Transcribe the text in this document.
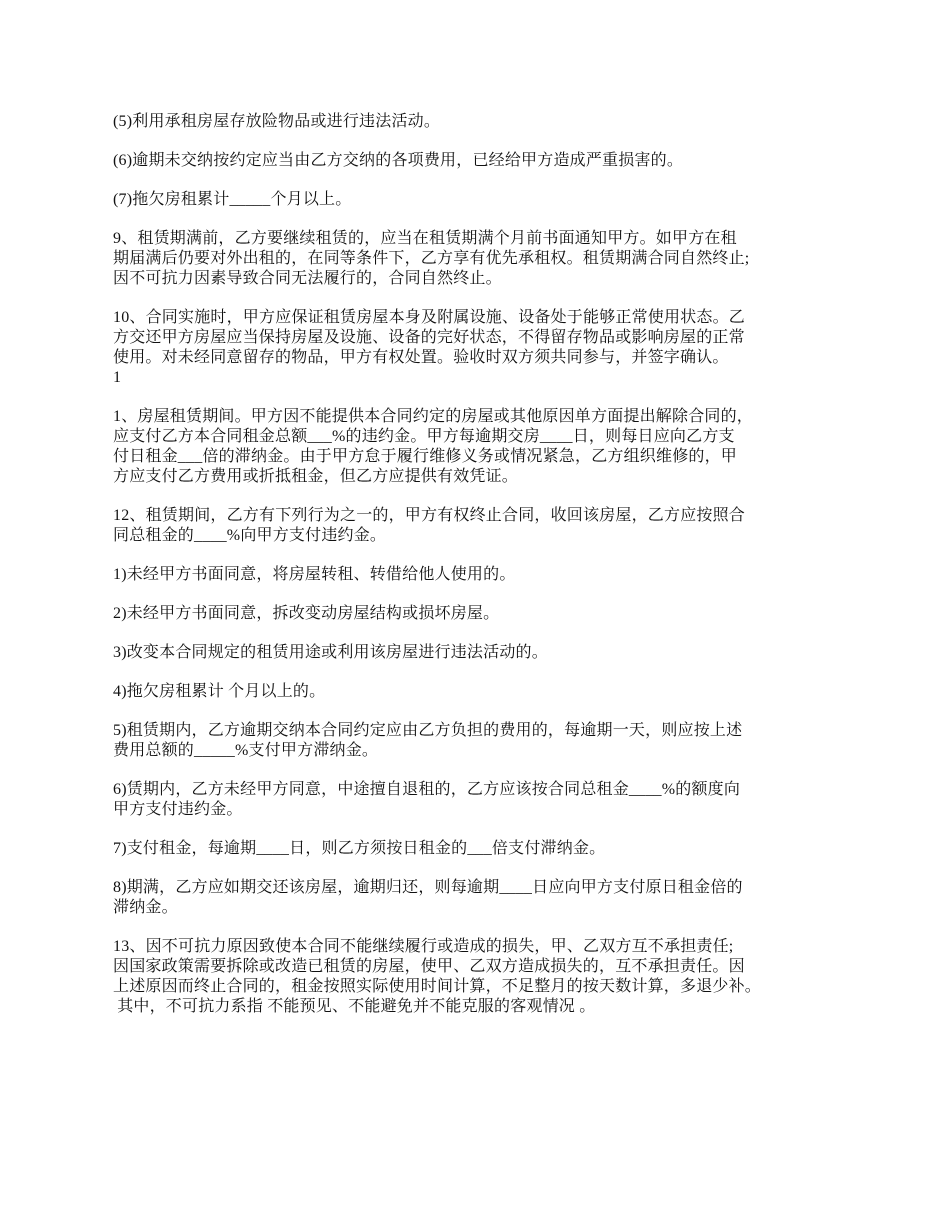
(5)利用承租房屋存放险物品或进行违法活动。

(6)逾期未交纳按约定应当由乙方交纳的各项费用，已经给甲方造成严重损害的。

(7)拖欠房租累计_____个月以上。

9、租赁期满前，乙方要继续租赁的，应当在租赁期满个月前书面通知甲方。如甲方在租
期届满后仍要对外出租的，在同等条件下，乙方享有优先承租权。租赁期满合同自然终止;
因不可抗力因素导致合同无法履行的，合同自然终止。

10、合同实施时，甲方应保证租赁房屋本身及附属设施、设备处于能够正常使用状态。乙
方交还甲方房屋应当保持房屋及设施、设备的完好状态，不得留存物品或影响房屋的正常
使用。对未经同意留存的物品，甲方有权处置。验收时双方须共同参与，并签字确认。
1

1、房屋租赁期间。甲方因不能提供本合同约定的房屋或其他原因单方面提出解除合同的，
应支付乙方本合同租金总额___%的违约金。甲方每逾期交房____日，则每日应向乙方支
付日租金___倍的滞纳金。由于甲方怠于履行维修义务或情况紧急，乙方组织维修的，甲
方应支付乙方费用或折抵租金，但乙方应提供有效凭证。

12、租赁期间，乙方有下列行为之一的，甲方有权终止合同，收回该房屋，乙方应按照合
同总租金的____%向甲方支付违约金。

1)未经甲方书面同意，将房屋转租、转借给他人使用的。

2)未经甲方书面同意，拆改变动房屋结构或损坏房屋。

3)改变本合同规定的租赁用途或利用该房屋进行违法活动的。

4)拖欠房租累计 个月以上的。

5)租赁期内，乙方逾期交纳本合同约定应由乙方负担的费用的，每逾期一天，则应按上述
费用总额的_____%支付甲方滞纳金。

6)赁期内，乙方未经甲方同意，中途擅自退租的，乙方应该按合同总租金____%的额度向
甲方支付违约金。

7)支付租金，每逾期____日，则乙方须按日租金的___倍支付滞纳金。

8)期满，乙方应如期交还该房屋，逾期归还，则每逾期____日应向甲方支付原日租金倍的
滞纳金。

13、因不可抗力原因致使本合同不能继续履行或造成的损失，甲、乙双方互不承担责任;
因国家政策需要拆除或改造已租赁的房屋，使甲、乙双方造成损失的，互不承担责任。因
上述原因而终止合同的，租金按照实际使用时间计算，不足整月的按天数计算，多退少补。
其中，不可抗力系指 不能预见、不能避免并不能克服的客观情况 。
